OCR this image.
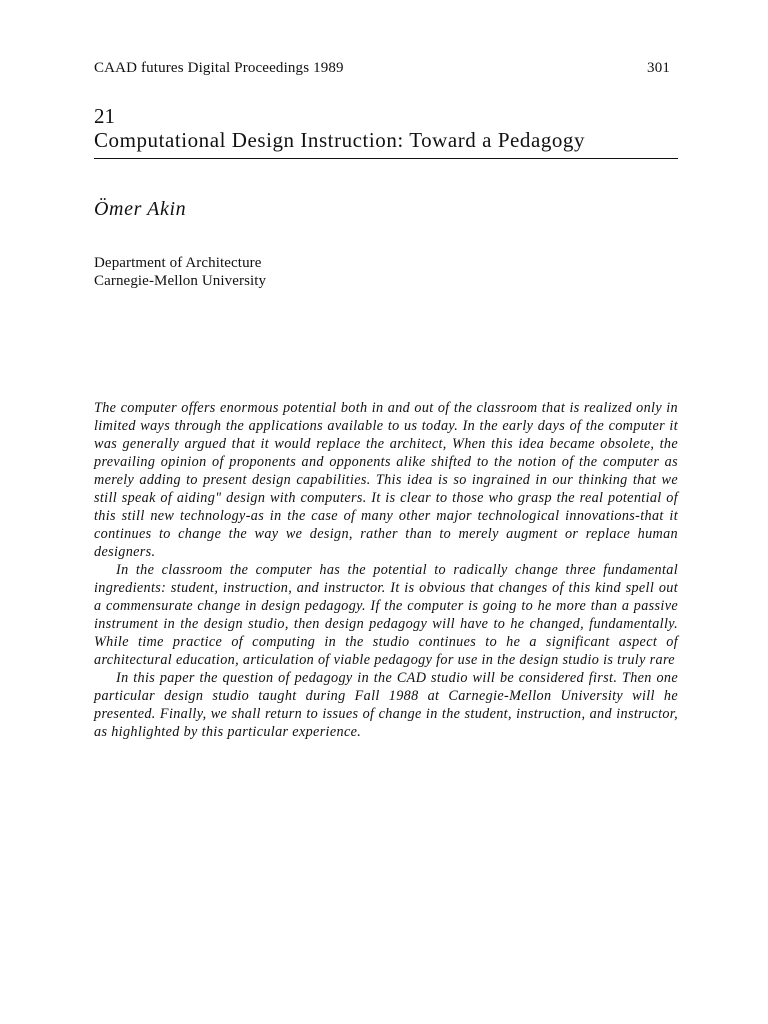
CAAD futures Digital Proceedings 1989	301
21
Computational Design Instruction: Toward a Pedagogy
Ömer Akin
Department of Architecture
Carnegie-Mellon University

The computer offers enormous potential both in and out of the classroom that is realized only in limited ways through the applications available to us today. In the early days of the computer it was generally argued that it would replace the architect, When this idea became obsolete, the prevailing opinion of proponents and opponents alike shifted to the notion of the computer as merely adding to present design capabilities. This idea is so ingrained in our thinking that we still speak of aiding" design with computers. It is clear to those who grasp the real potential of this still new technology-as in the case of many other major technological innovations-that it continues to change the way we design, rather than to merely augment or replace human designers.

In the classroom the computer has the potential to radically change three fundamental ingredients: student, instruction, and instructor. It is obvious that changes of this kind spell out a commensurate change in design pedagogy. If the computer is going to he more than a passive instrument in the design studio, then design pedagogy will have to he changed, fundamentally. While time practice of computing in the studio continues to he a significant aspect of architectural education, articulation of viable pedagogy for use in the design studio is truly rare

In this paper the question of pedagogy in the CAD studio will be considered first. Then one particular design studio taught during Fall 1988 at Carnegie-Mellon University will he presented. Finally, we shall return to issues of change in the student, instruction, and instructor, as highlighted by this particular experience.
